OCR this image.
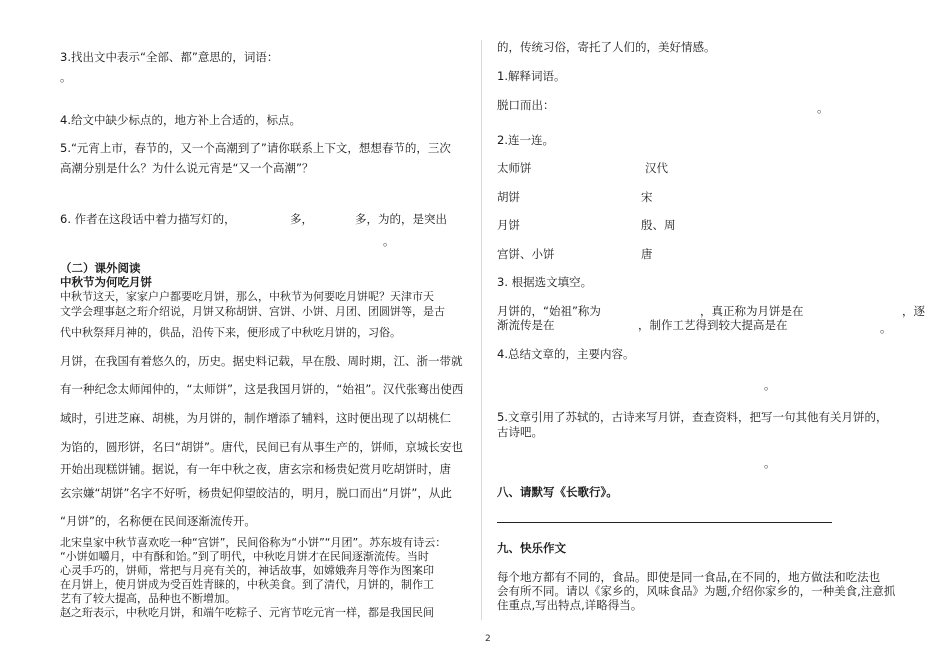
3.找出文中表示“全部、都”意思的，词语：
。
4.给文中缺少标点的，地方补上合适的，标点。
5.“元宵上市，春节的，又一个高潮到了”请你联系上下文，想想春节的，三次
高潮分别是什么？为什么说元宵是“又一个高潮”？
6. 作者在这段话中着力描写灯的，	多，	多，为的，是突出
。
（二）课外阅读
中秋节为何吃月饼
中秋节这天，家家户户都要吃月饼，那么，中秋节为何要吃月饼呢？天津市天
文学会理事赵之珩介绍说，月饼又称胡饼、宫饼、小饼、月团、团圆饼等，是古
代中秋祭拜月神的，供品，沿传下来，便形成了中秋吃月饼的，习俗。
月饼，在我国有着悠久的，历史。据史料记载，早在殷、周时期，江、浙一带就
有一种纪念太师闻仲的，“太师饼”，这是我国月饼的，“始祖”。汉代张骞出使西
域时，引进芝麻、胡桃，为月饼的，制作增添了辅料，这时便出现了以胡桃仁
为馅的，圆形饼，名曰“胡饼”。唐代，民间已有从事生产的，饼师，京城长安也
开始出现糕饼铺。据说，有一年中秋之夜，唐玄宗和杨贵妃赏月吃胡饼时，唐
玄宗嫌“胡饼”名字不好听，杨贵妃仰望皎洁的，明月，脱口而出“月饼”，从此
“月饼”的，名称便在民间逐渐流传开。
北宋皇家中秋节喜欢吃一种“宫饼”，民间俗称为“小饼”“月团”。苏东坡有诗云：
“小饼如嚼月，中有酥和饴。”到了明代，中秋吃月饼才在民间逐渐流传。当时
心灵手巧的，饼师，常把与月亮有关的，神话故事，如嫦娥奔月等作为图案印
在月饼上，使月饼成为受百姓青睐的，中秋美食。到了清代，月饼的，制作工
艺有了较大提高，品种也不断增加。
赵之珩表示，中秋吃月饼，和端午吃粽子、元宵节吃元宵一样，都是我国民间
的，传统习俗，寄托了人们的，美好情感。
1.解释词语。
脱口而出：	。
2.连一连。
太师饼	汉代
胡饼	宋
月饼	殷、周
宫饼、小饼	唐
3. 根据选文填空。
月饼的，“始祖”称为	，真正称为月饼是在	，逐
渐流传是在	，制作工艺得到较大提高是在	。
4.总结文章的，主要内容。
。
5.文章引用了苏轼的，古诗来写月饼，查查资料，把写一句其他有关月饼的，
古诗吧。
。
八、请默写《长歌行》。
九、快乐作文
每个地方都有不同的，食品。即使是同一食品,在不同的，地方做法和吃法也
会有所不同。请以《家乡的，风味食品》为题,介绍你家乡的，一种美食,注意抓
住重点,写出特点,详略得当。
2
